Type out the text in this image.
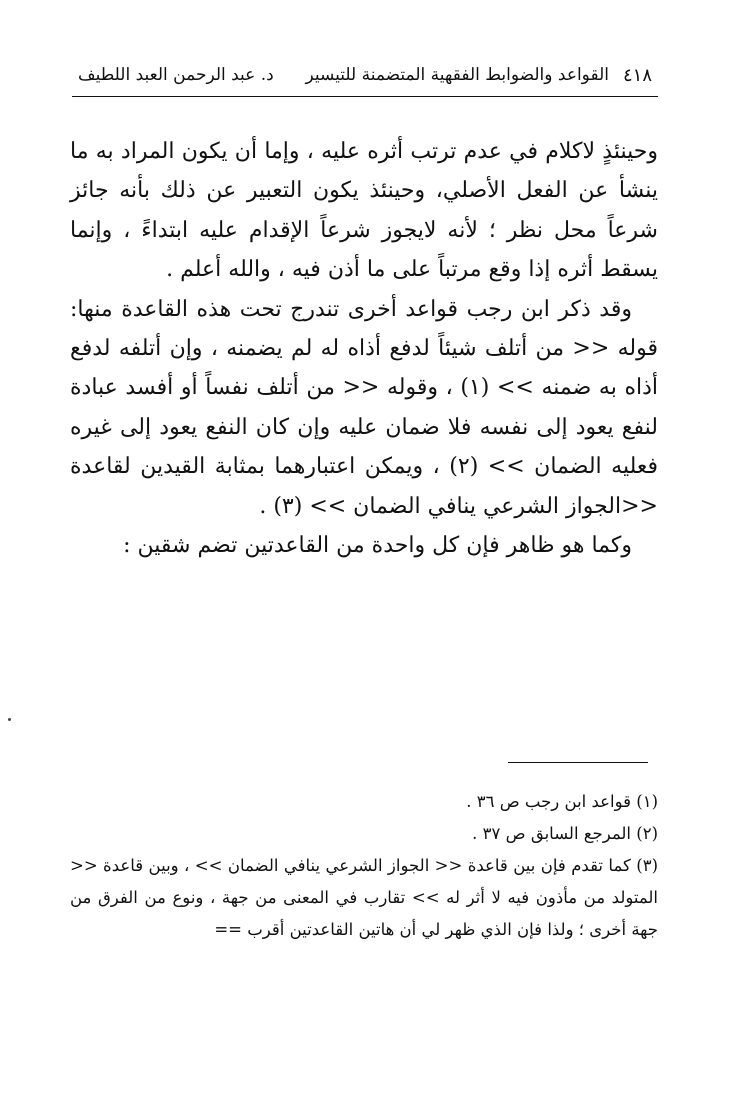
٤١٨
القواعد والضوابط الفقهية المتضمنة للتيسير
د. عبد الرحمن العبد اللطيف

وحينئذٍ لاكلام في عدم ترتب أثره عليه ، وإما أن يكون المراد به ما ينشأ عن الفعل الأصلي، وحينئذ يكون التعبير عن ذلك بأنه جائز شرعاً محل نظر ؛ لأنه لايجوز شرعاً الإقدام عليه ابتداءً ، وإنما يسقط أثره إذا وقع مرتباً على ما أذن فيه ، والله أعلم .

وقد ذكر ابن رجب قواعد أخرى تندرج تحت هذه القاعدة منها: قوله << من أتلف شيئاً لدفع أذاه له لم يضمنه ، وإن أتلفه لدفع أذاه به ضمنه >> (١) ، وقوله << من أتلف نفساً أو أفسد عبادة لنفع يعود إلى نفسه فلا ضمان عليه وإن كان النفع يعود إلى غيره فعليه الضمان >> (٢) ، ويمكن اعتبارهما بمثابة القيدين لقاعدة <<الجواز الشرعي ينافي الضمان >> (٣) .

وكما هو ظاهر فإن كل واحدة من القاعدتين تضم شقين :

(١) قواعد ابن رجب ص ٣٦ .

(٢) المرجع السابق ص ٣٧ .

(٣) كما تقدم فإن بين قاعدة << الجواز الشرعي ينافي الضمان >> ، وبين قاعدة << المتولد من مأذون فيه لا أثر له >> تقارب في المعنى من جهة ، ونوع من الفرق من جهة أخرى ؛ ولذا فإن الذي ظهر لي أن هاتين القاعدتين أقرب ==
